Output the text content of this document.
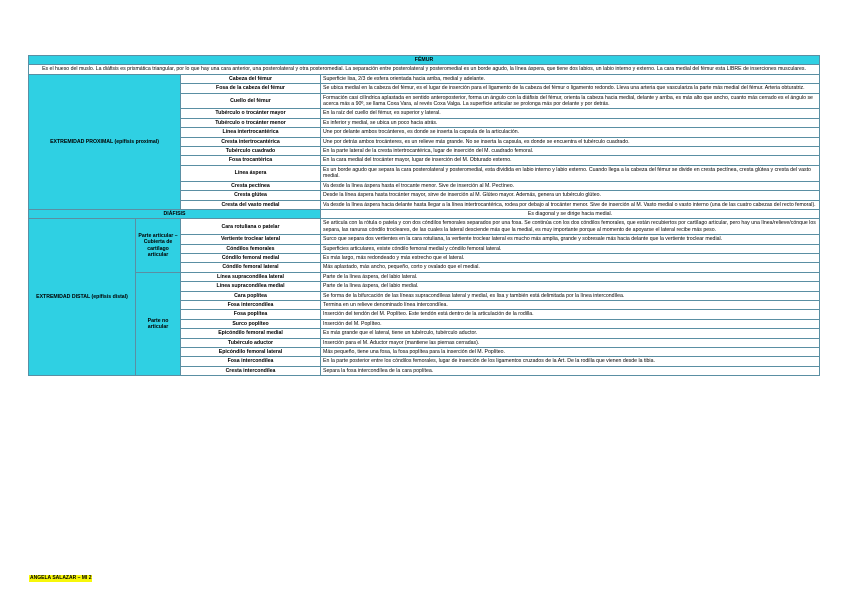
FÉMUR			
Es el hueso del muslo. La diáfisis es prismática triangular, por lo que hay una cara anterior, una posterolateral y otra posteromedial. La separación entre posterolateral y posteromedial es un borde agudo, la línea áspera, que tiene dos labios, un labio interno y externo. La cara medial del fémur esta LIBRE de inserciones musculares.			
EXTREMIDAD PROXIMAL (epífisis proximal)		Cabeza del fémur	Superficie lisa, 2/3 de esfera orientada hacia arriba, medial y adelante.
		Fosa de la cabeza del fémur	Se ubica medial en la cabeza del fémur, es el lugar de inserción para el ligamento de la cabeza del fémur o ligamento redondo. Lleva una arteria que vasculariza la parte más medial del fémur. Arteria obturatriz.
		Cuello del fémur	Formación casi cilíndrica aplastada en sentido anteroposterior, forma un ángulo con la diáfisis del fémur, orienta la cabeza hacia medial, delante y arriba, es más alto que ancho, cuanto más cerrado es el ángulo se acerca más a 90º, se llama Coxa Vara, al revés Coxa Valga. La superficie articular se prolonga más por delante y por detrás.
		Tubérculo o trocánter mayor	En la raíz del cuello del fémur, es superior y lateral.
		Tubérculo o trocánter menor	Es inferior y medial, se ubica un poco hacia atrás.
		Línea intertrocantérica	Une por delante ambos trocánteres, es donde se inserta la capsula de la articulación.
		Cresta intertrocantérica	Une por detrás ambos trocánteres, es un relieve más grande. No se inserta la capsula, es donde se encuentra el tubérculo cuadrado.
		Tubérculo cuadrado	En la parte lateral de la cresta intertrocantérica, lugar de inserción del M. cuadrado femoral.
		Fosa trocantérica	En la cara medial del trocánter mayor, lugar de inserción del M. Obturado externo.
		Línea áspera	Es un borde agudo que separa la cara posterolateral y posteromedial, esta dividida en labio interno y labio externo. Cuando llega a la cabeza del fémur se divide en cresta pectínea, cresta glútea y cresta del vasto medial.
		Cresta pectínea	Va desde la línea áspera hasta el trocante menor. Sive de inserción al M. Pectíneo.
		Cresta glútea	Desde la línea áspera hasta trocánter mayor, sirve de inserción al M. Glúteo mayor. Además, genera un tubérculo glúteo.
		Cresta del vasto medial	Va desde la línea áspera hacia delante hasta llegar a la línea intertrocantérica, rodea por debajo al trocánter menor. Sive de inserción al M. Vasto medial o vasto interno (una de las cuatro cabezas del recto femoral).
DIÁFISIS			Es diagonal y se dirige hacia medial.
EXTREMIDAD DISTAL (epífisis distal)	Parte articular – Cubierta de cartílago articular	Cara rotuliana o patelar	Se articula con la rótula o patela y con dos cóndilos femorales separados por una fosa. Se continúa con los dos cóndilos femorales, que están recubiertos por cartílago articular, pero hay una línea/relieve/cónque los separa, las ranuras cóndilo trocleares, de las cuales la lateral desciende más que la medial, es muy importante porque al momento de apoyarse el lateral recibe más peso.
		Vertiente troclear lateral	Surco que separa dos vertientes en la cara rotuliana, la vertiente troclear lateral es mucho más amplia, grande y sobresale más hacia delante que la vertiente troclear medial.
		Cóndilos femorales	Superficies articulares, existe cóndilo femoral medial y cóndilo femoral lateral.
		Cóndilo femoral medial	Es más largo, más redondeado y más estrecho que el lateral.
		Cóndilo femoral lateral	Más aplastado, más ancho, pequeño, corto y ovalado que el medial.
	Parte no articular	Línea supracondílea lateral	Parte de la línea áspera, del labio lateral.
		Línea supracondílea medial	Parte de la línea áspera, del labio medial.
		Cara poplítea	Se forma de la bifurcación de las líneas supracondíleas lateral y medial, es lisa y también está delimitada por la línea intercondílea.
		Fosa intercondílea	Termina en un relieve denominado línea intercondílea.
		Fosa poplítea	Inserción del tendón del M. Poplíteo. Este tendón está dentro de la articulación de la rodilla.
		Surco poplíteo	Inserción del M. Poplíteo.
		Epicóndilo femoral medial	Es más grande que el lateral, tiene un tubérculo, tubérculo aductor.
		Tubérculo aductor	Inserción para el M. Aductor mayor (mantiene las piernas cerradas).
		Epicóndilo femoral lateral	Más pequeño, tiene una fosa, la fosa poplítea para la inserción del M. Poplíteo.
		Fosa intercondílea	En la parte posterior entre los cóndilos femorales, lugar de inserción de los ligamentos cruzados de la Art. De la rodilla que vienen desde la tibia.
		Cresta intercondílea	Separa la fosa intercondílea de la cara poplítea.
ANGELA SALAZAR – MI 2
